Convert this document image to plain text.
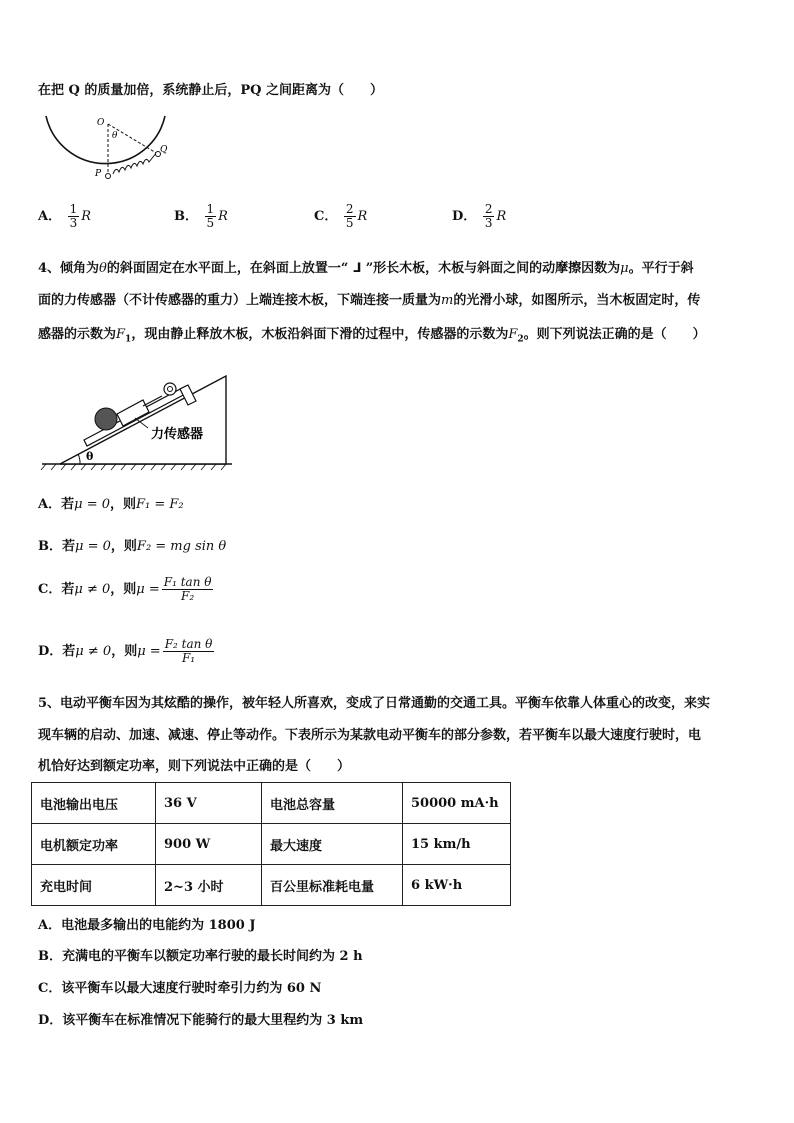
在把 Q 的质量加倍，系统静止后，PQ 之间距离为（　　）
O
θ
P
Q
A． $\frac{1}{3}$ R	B． $\frac{1}{5}$ R	C． $\frac{2}{5}$ R	D． $\frac{2}{3}$ R
4、倾角为θ的斜面固定在水平面上，在斜面上放置一“ ⅃ ”形长木板，木板与斜面之间的动摩擦因数为μ。平行于斜
面的力传感器（不计传感器的重力）上端连接木板，下端连接一质量为m的光滑小球，如图所示，当木板固定时，传
感器的示数为$F_1$，现由静止释放木板，木板沿斜面下滑的过程中，传感器的示数为$F_2$。则下列说法正确的是（　　）
θ
力传感器
A．若μ = 0，则F₁ = F₂
B．若μ = 0，则F₂ = mg sin θ
C．若μ ≠ 0，则$\mu = \frac{\text{F₁ tan θ}}{\text{F₂}}$
D．若μ ≠ 0，则$\mu = \frac{\text{F₂ tan θ}}{\text{F₁}}$
5、电动平衡车因为其炫酷的操作，被年轻人所喜欢，变成了日常通勤的交通工具。平衡车依靠人体重心的改变，来实
现车辆的启动、加速、减速、停止等动作。下表所示为某款电动平衡车的部分参数，若平衡车以最大速度行驶时，电
机恰好达到额定功率，则下列说法中正确的是（　　）
电池输出电压	36 V	电池总容量	50000 mA·h
电机额定功率	900 W	最大速度	15 km/h
充电时间	2~3 小时	百公里标准耗电量	6 kW·h
A．电池最多输出的电能约为 1800 J
B．充满电的平衡车以额定功率行驶的最长时间约为 2 h
C．该平衡车以最大速度行驶时牵引力约为 60 N
D．该平衡车在标准情况下能骑行的最大里程约为 3 km
